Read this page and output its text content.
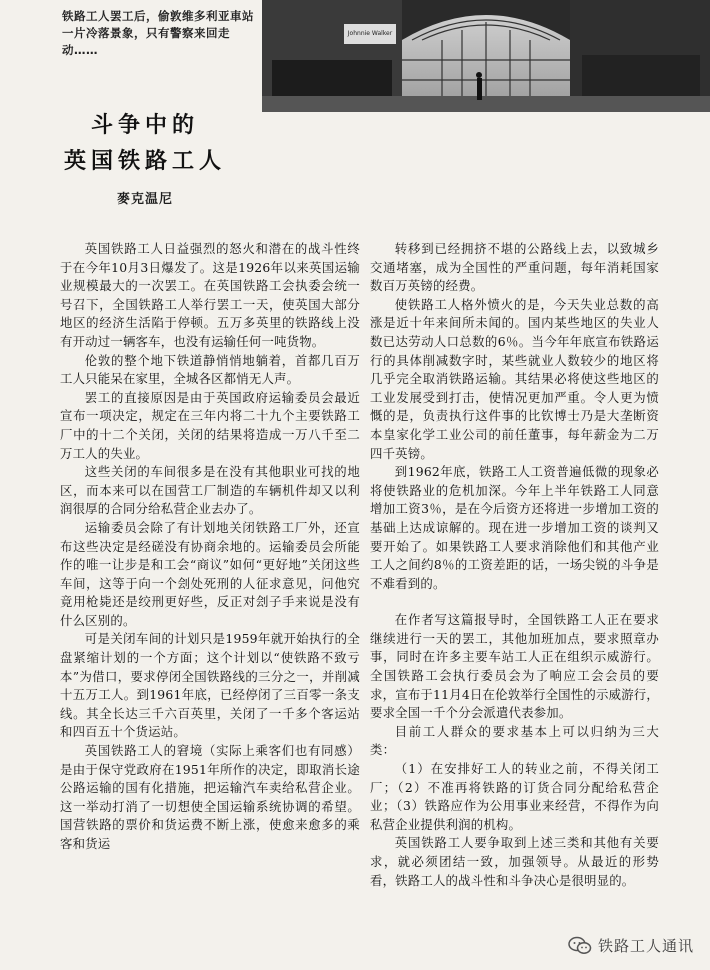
铁路工人罢工后，偷敦维多利亚車站一片冷落景象，只有警察来回走动……
Johnnie Walker
斗争中的
英国铁路工人
麥克温尼

英国铁路工人日益强烈的怒火和潜在的战斗性终于在今年10月3日爆发了。这是1926年以来英国运输业规模最大的一次罢工。在英国铁路工会执委会统一号召下，全国铁路工人举行罢工一天，使英国大部分地区的经济生活陷于停顿。五万多英里的铁路线上没有开动过一辆客车，也没有运输任何一吨货物。

伦敦的整个地下铁道静悄悄地躺着，首都几百万工人只能呆在家里，全城各区都悄无人声。

罢工的直接原因是由于英国政府运输委员会最近宣布一项决定，规定在三年内将二十九个主要铁路工厂中的十二个关闭，关闭的结果将造成一万八千至二万工人的失业。

这些关闭的车间很多是在没有其他职业可找的地区，而本来可以在国营工厂制造的车辆机件却又以利润很厚的合同分给私营企业去办了。

运输委员会除了有计划地关闭铁路工厂外，还宣布这些决定是经磋没有协商余地的。运输委员会所能作的唯一让步是和工会“商议”如何“更好地”关闭这些车间，这等于向一个刽处死刑的人征求意见，问他究竟用枪毙还是绞刑更好些，反正对刽子手来说是没有什么区别的。

可是关闭车间的计划只是1959年就开始执行的全盘紧缩计划的一个方面；这个计划以“使铁路不致亏本”为借口，要求停闭全国铁路线的三分之一，并削减十五万工人。到1961年底，已经停闭了三百零一条支线。其全长达三千六百英里，关闭了一千多个客运站和四百五十个货运站。

英国铁路工人的窘境（实际上乘客们也有同感）是由于保守党政府在1951年所作的决定，即取消长途公路运输的国有化措施，把运输汽车卖给私营企业。这一举动打消了一切想使全国运输系统协调的希望。国营铁路的票价和货运费不断上涨，使愈来愈多的乘客和货运

转移到已经拥挤不堪的公路线上去，以致城乡交通堵塞，成为全国性的严重问题，每年消耗国家数百万英镑的经费。

使铁路工人格外愤火的是，今天失业总数的高涨是近十年来间所未闻的。国内某些地区的失业人数已达劳动人口总数的6％。当今年年底宣布铁路运行的具体削减数字时，某些就业人数较少的地区将几乎完全取消铁路运输。其结果必将使这些地区的工业发展受到打击，使情况更加严重。令人更为愤慨的是，负责执行这件事的比钦博士乃是大垄断资本皇家化学工业公司的前任董事，每年薪金为二万四千英镑。

到1962年底，铁路工人工资普遍低微的现象必将使铁路业的危机加深。今年上半年铁路工人同意增加工资3％，是在今后资方还将进一步增加工资的基础上达成谅解的。现在进一步增加工资的谈判又要开始了。如果铁路工人要求消除他们和其他产业工人之间约8％的工资差距的话，一场尖锐的斗争是不难看到的。

在作者写这篇报导时，全国铁路工人正在要求继续进行一天的罢工，其他加班加点，要求照章办事，同时在许多主要车站工人正在组织示威游行。全国铁路工会执行委员会为了响应工会会员的要求，宣布于11月4日在伦敦举行全国性的示威游行，要求全国一千个分会派遣代表参加。

目前工人群众的要求基本上可以归纳为三大类：

（1）在安排好工人的转业之前，不得关闭工厂；（2）不准再将铁路的订货合同分配给私营企业；（3）铁路应作为公用事业来经营，不得作为向私营企业提供利润的机构。

英国铁路工人要争取到上述三类和其他有关要求，就必须团结一致，加强领导。从最近的形势看，铁路工人的战斗性和斗争决心是很明显的。

铁路工人通讯
